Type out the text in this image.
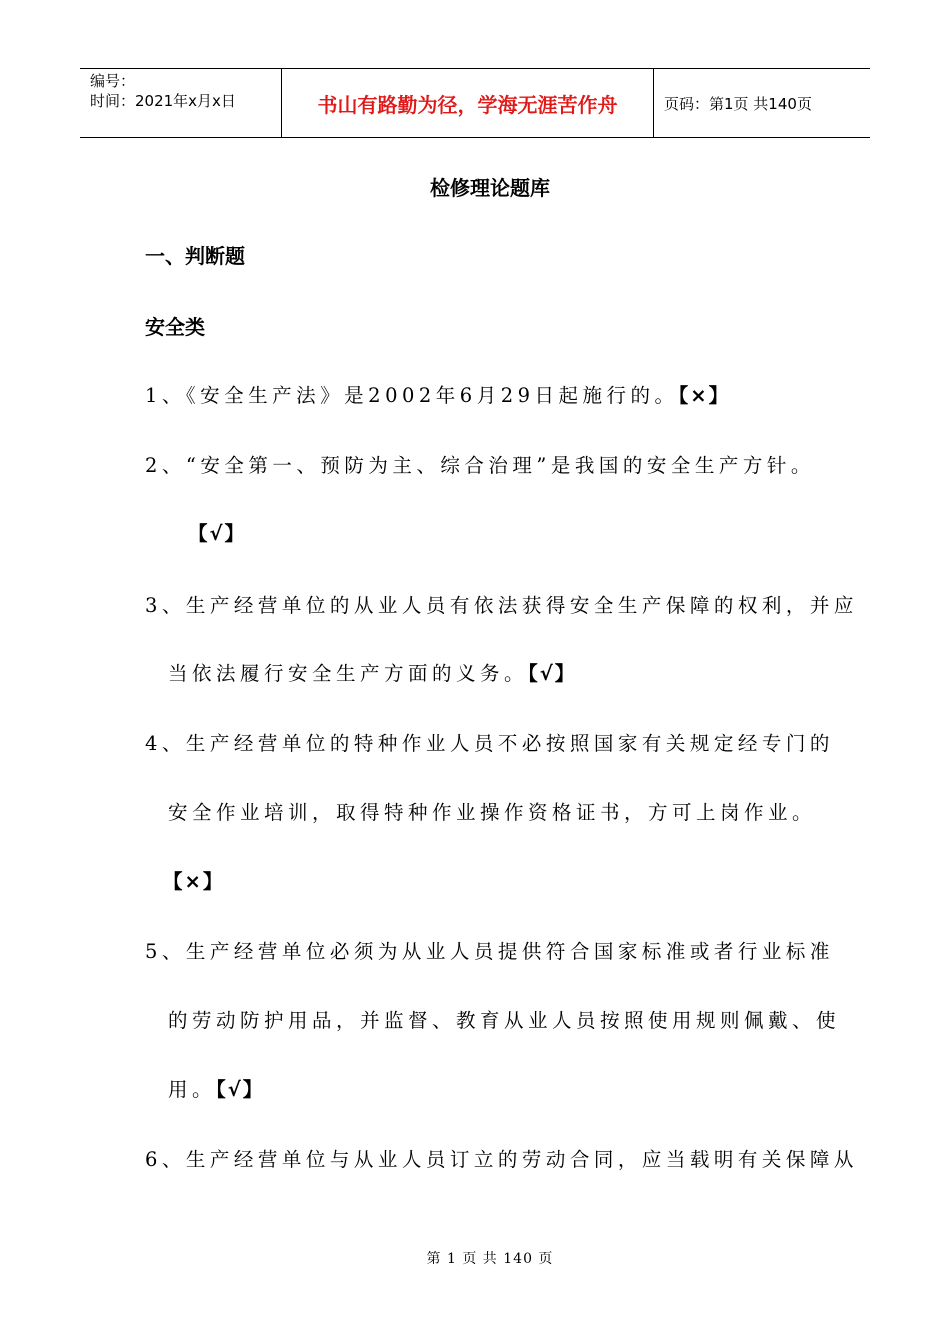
编号：
时间：2021年x月x日	书山有路勤为径，学海无涯苦作舟	页码：第1页 共140页
检修理论题库
一、判断题
安全类
1、《安全生产法》是2002年6月29日起施行的。【×】
2、“安全第一、预防为主、综合治理”是我国的安全生产方针。
【√】
3、生产经营单位的从业人员有依法获得安全生产保障的权利，并应
当依法履行安全生产方面的义务。【√】
4、生产经营单位的特种作业人员不必按照国家有关规定经专门的
安全作业培训，取得特种作业操作资格证书，方可上岗作业。
【×】
5、生产经营单位必须为从业人员提供符合国家标准或者行业标准
的劳动防护用品，并监督、教育从业人员按照使用规则佩戴、使
用。【√】
6、生产经营单位与从业人员订立的劳动合同，应当载明有关保障从
第 1 页 共 140 页
